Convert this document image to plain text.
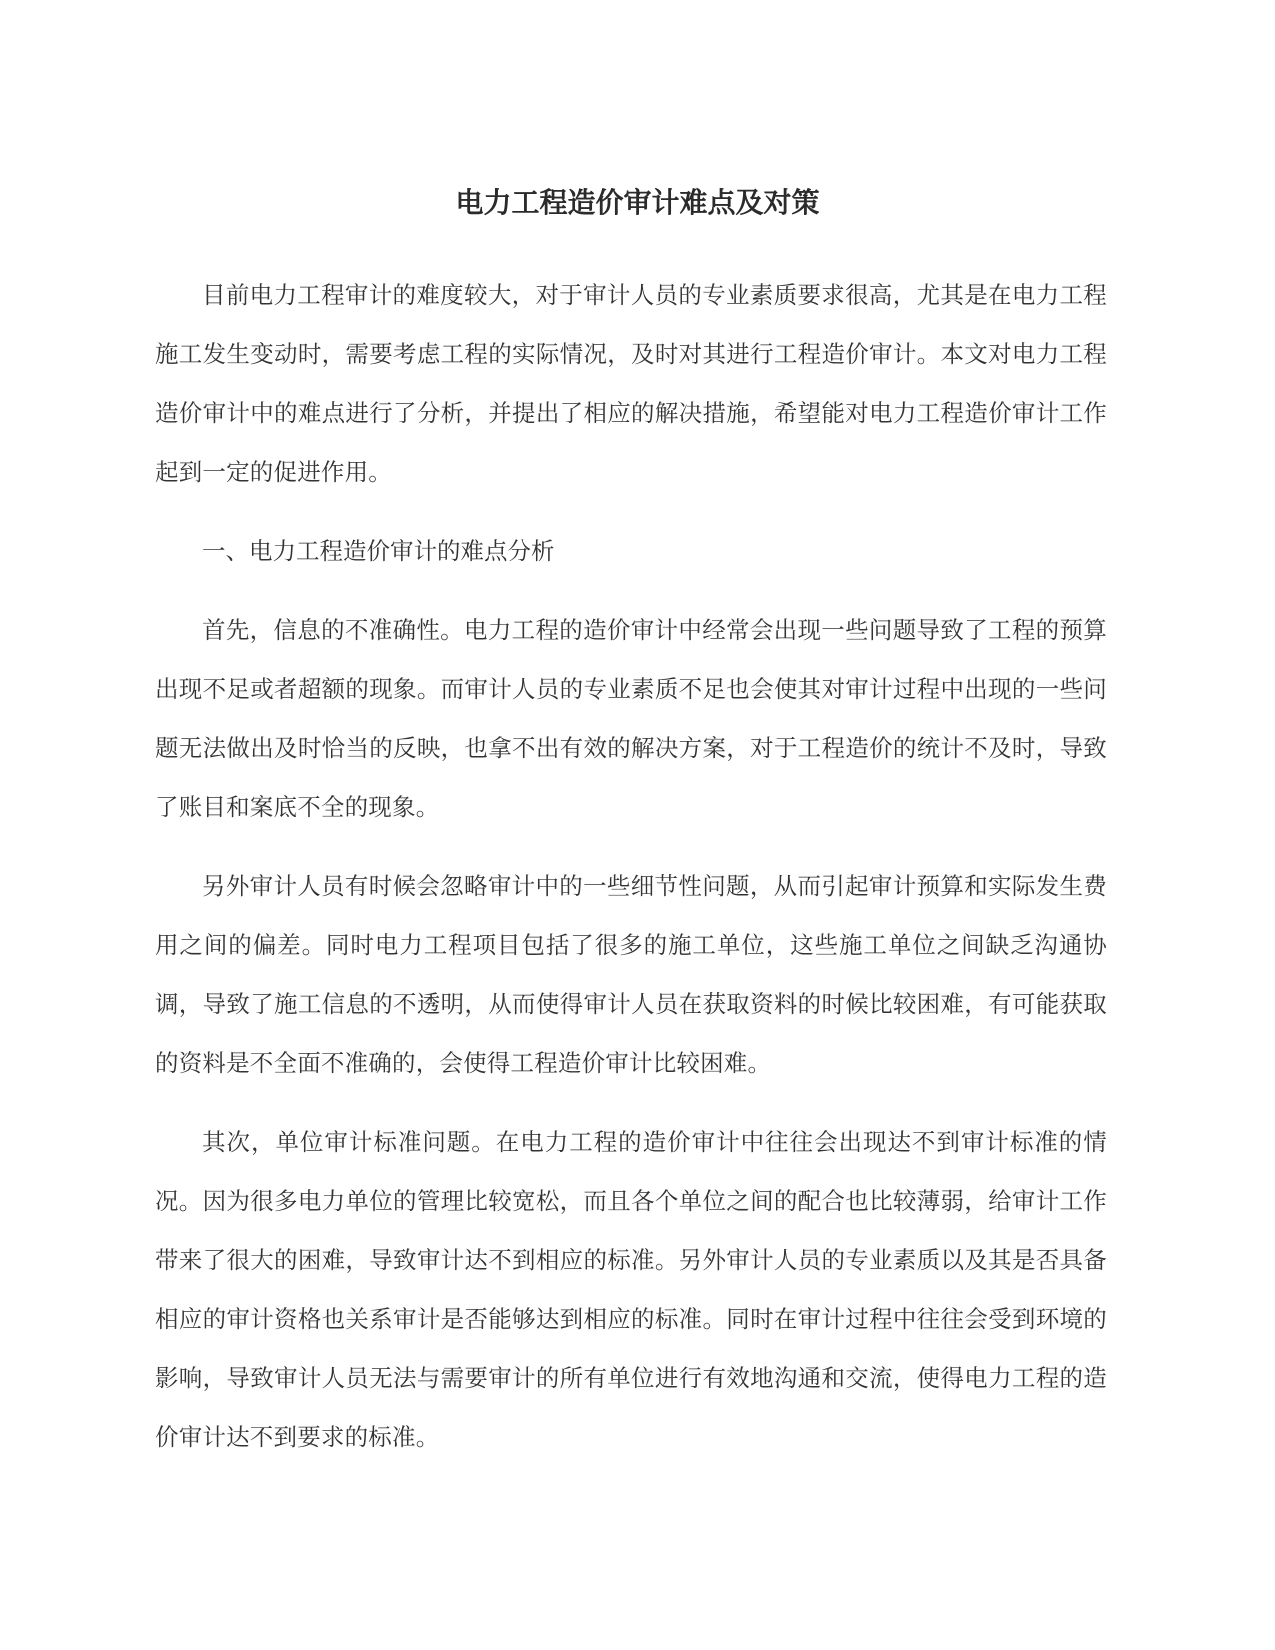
电力工程造价审计难点及对策

目前电力工程审计的难度较大，对于审计人员的专业素质要求很高，尤其是在电力工程施工发生变动时，需要考虑工程的实际情况，及时对其进行工程造价审计。本文对电力工程造价审计中的难点进行了分析，并提出了相应的解决措施，希望能对电力工程造价审计工作起到一定的促进作用。

一、电力工程造价审计的难点分析

首先，信息的不准确性。电力工程的造价审计中经常会出现一些问题导致了工程的预算出现不足或者超额的现象。而审计人员的专业素质不足也会使其对审计过程中出现的一些问题无法做出及时恰当的反映，也拿不出有效的解决方案，对于工程造价的统计不及时，导致了账目和案底不全的现象。

另外审计人员有时候会忽略审计中的一些细节性问题，从而引起审计预算和实际发生费用之间的偏差。同时电力工程项目包括了很多的施工单位，这些施工单位之间缺乏沟通协调，导致了施工信息的不透明，从而使得审计人员在获取资料的时候比较困难，有可能获取的资料是不全面不准确的，会使得工程造价审计比较困难。

其次，单位审计标准问题。在电力工程的造价审计中往往会出现达不到审计标准的情况。因为很多电力单位的管理比较宽松，而且各个单位之间的配合也比较薄弱，给审计工作带来了很大的困难，导致审计达不到相应的标准。另外审计人员的专业素质以及其是否具备相应的审计资格也关系审计是否能够达到相应的标准。同时在审计过程中往往会受到环境的影响，导致审计人员无法与需要审计的所有单位进行有效地沟通和交流，使得电力工程的造价审计达不到要求的标准。
